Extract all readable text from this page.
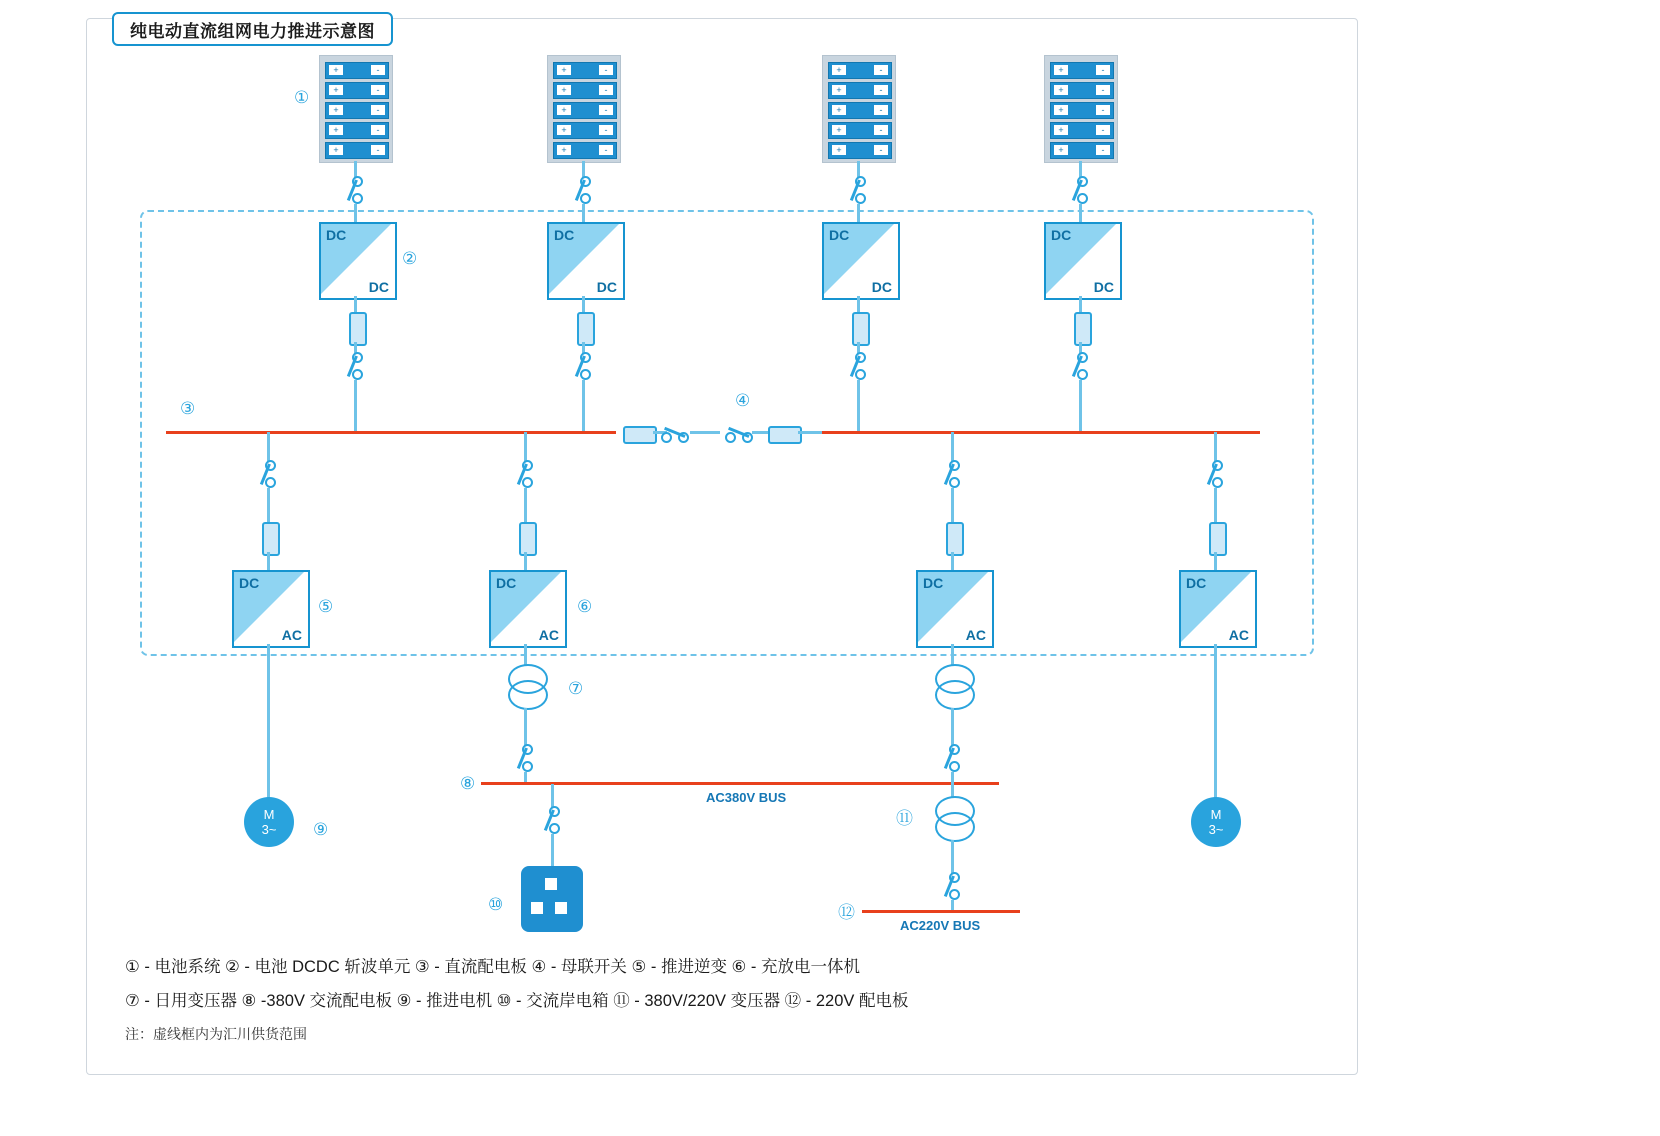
纯电动直流组网电力推进示意图
+	-
+	-
+	-
+	-
+	-
①
DC
DC
②
+	-
+	-
+	-
+	-
+	-
DC
DC
+	-
+	-
+	-
+	-
+	-
DC
DC
+	-
+	-
+	-
+	-
+	-
DC
DC
③	④
DC
AC
⑤
M
3~ ⑨
DC
AC
⑥
⑦
⑧
AC380V BUS
⑩
DC
AC
⑪
⑫
AC220V BUS
DC
AC
M
3~
① - 电池系统 ② - 电池 DCDC 斩波单元 ③ - 直流配电板 ④ - 母联开关 ⑤ - 推进逆变 ⑥ - 充放电一体机
⑦ - 日用变压器 ⑧ -380V 交流配电板 ⑨ - 推进电机 ⑩ - 交流岸电箱 ⑪ - 380V/220V 变压器 ⑫ - 220V 配电板
注：虚线框内为汇川供货范围
